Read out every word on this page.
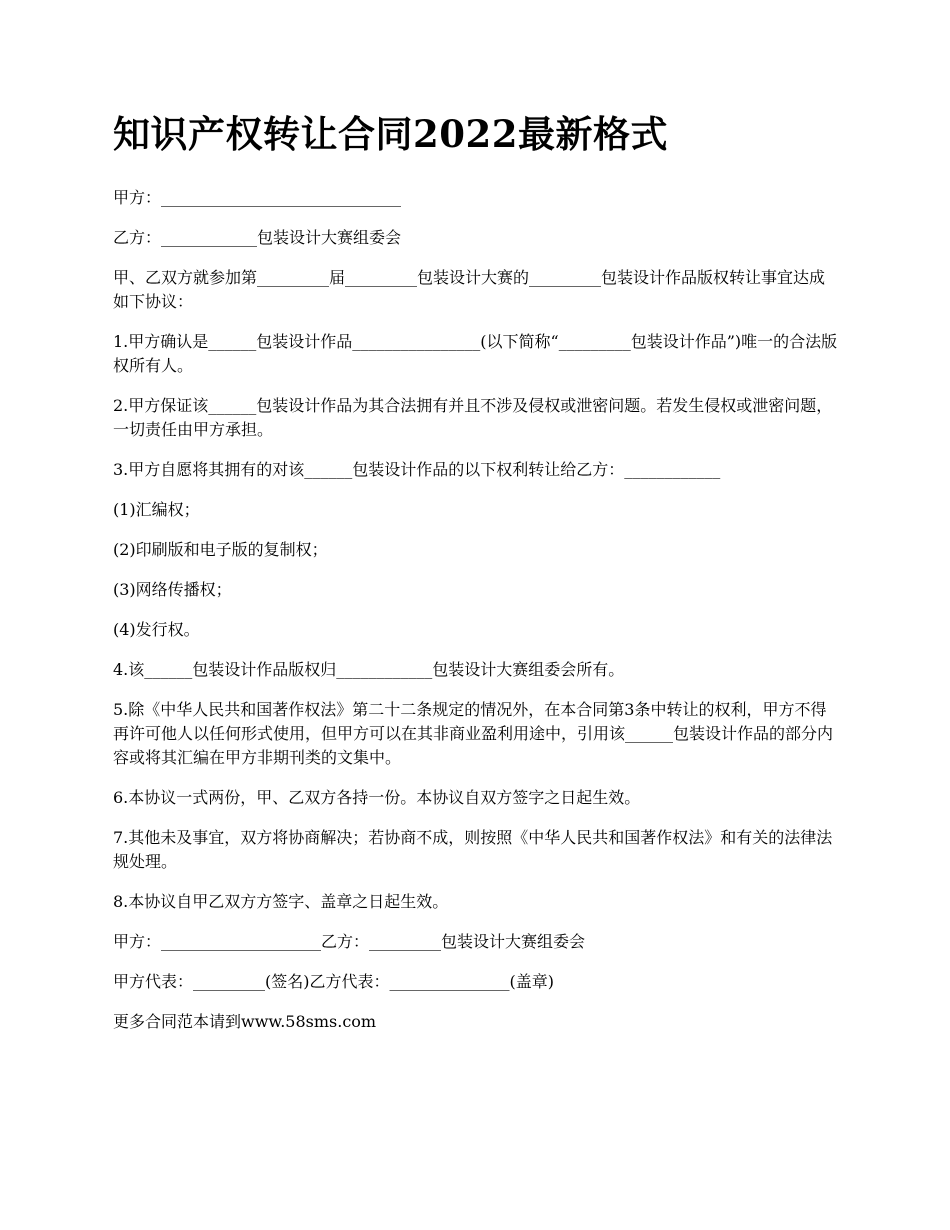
知识产权转让合同2022最新格式

甲方：______________________________

乙方：____________包装设计大赛组委会

甲、乙双方就参加第_________届_________包装设计大赛的_________包装设计作品版权转让事宜达成如下协议：

1.甲方确认是______包装设计作品________________(以下简称“_________包装设计作品”)唯一的合法版权所有人。

2.甲方保证该______包装设计作品为其合法拥有并且不涉及侵权或泄密问题。若发生侵权或泄密问题，一切责任由甲方承担。

3.甲方自愿将其拥有的对该______包装设计作品的以下权利转让给乙方：____________

(1)汇编权；

(2)印刷版和电子版的复制权；

(3)网络传播权；

(4)发行权。

4.该______包装设计作品版权归____________包装设计大赛组委会所有。

5.除《中华人民共和国著作权法》第二十二条规定的情况外，在本合同第3条中转让的权利，甲方不得再许可他人以任何形式使用，但甲方可以在其非商业盈利用途中，引用该______包装设计作品的部分内容或将其汇编在甲方非期刊类的文集中。

6.本协议一式两份，甲、乙双方各持一份。本协议自双方签字之日起生效。

7.其他未及事宜，双方将协商解决；若协商不成，则按照《中华人民共和国著作权法》和有关的法律法规处理。

8.本协议自甲乙双方方签字、盖章之日起生效。

甲方：____________________乙方：_________包装设计大赛组委会

甲方代表：_________(签名)乙方代表：_______________(盖章)

更多合同范本请到www.58sms.com
